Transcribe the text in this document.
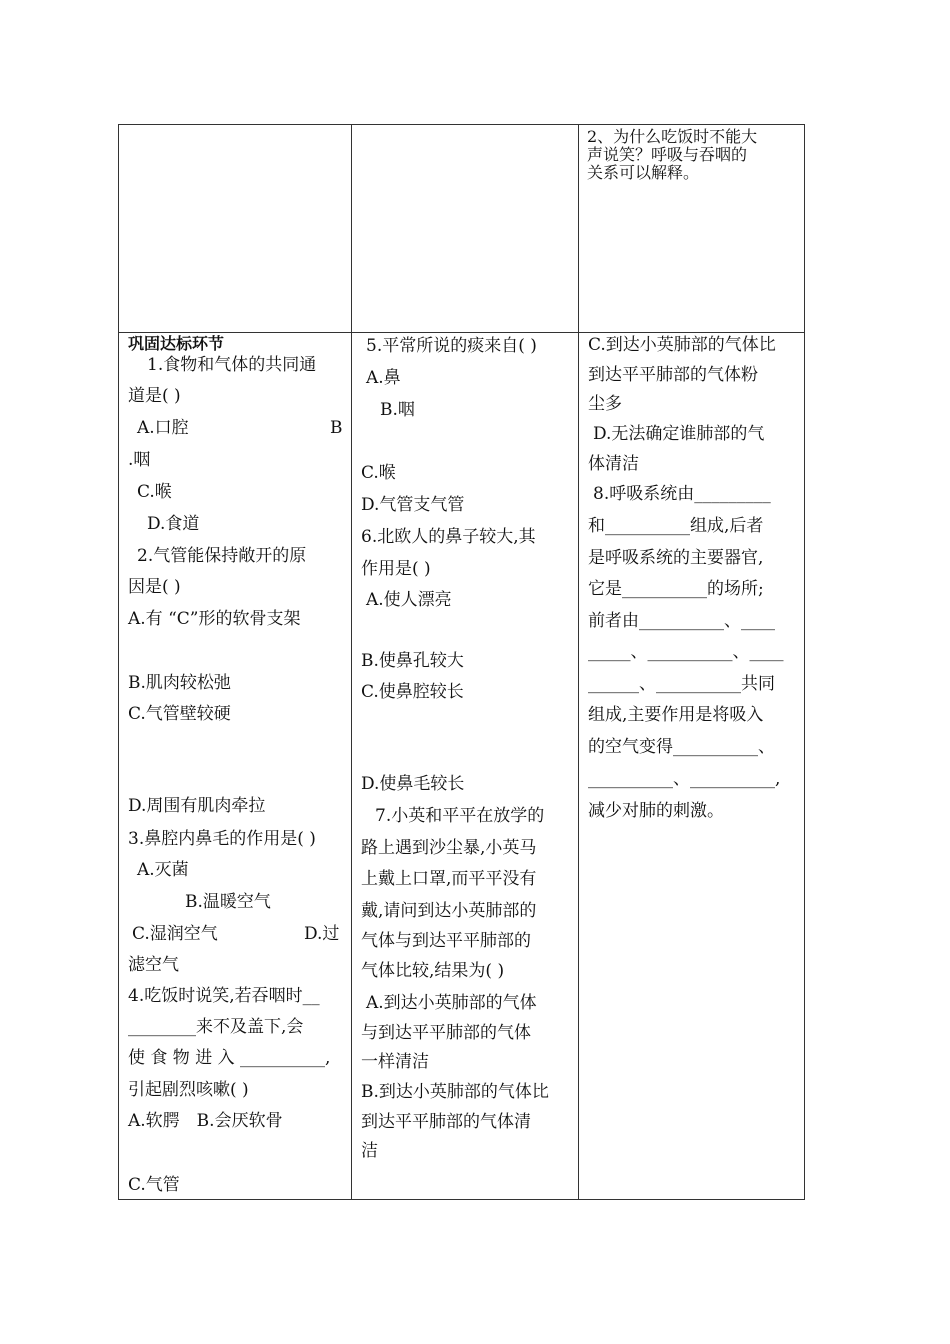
2、为什么吃饭时不能大
声说笑？呼吸与吞咽的
关系可以解释。
巩固达标环节
1.食物和气体的共同通
道是( )
A.口腔	B
.咽
C.喉
D.食道
2.气管能保持敞开的原
因是( )
A.有 “C”形的软骨支架
B.肌肉较松弛
C.气管壁较硬
D.周围有肌肉牵拉
3.鼻腔内鼻毛的作用是( )
A.灭菌
B.温暖空气
C.湿润空气	D.过
滤空气
4.吃饭时说笑,若吞咽时__
________来不及盖下,会
使 食 物 进 入 __________,
引起剧烈咳嗽( )
A.软腭　B.会厌软骨
C.气管
5.平常所说的痰来自( )
A.鼻
B.咽
C.喉
D.气管支气管
6.北欧人的鼻子较大,其
作用是( )
A.使人漂亮
B.使鼻孔较大
C.使鼻腔较长
D.使鼻毛较长
7.小英和平平在放学的
路上遇到沙尘暴,小英马
上戴上口罩,而平平没有
戴,请问到达小英肺部的
气体与到达平平肺部的
气体比较,结果为( )
A.到达小英肺部的气体
与到达平平肺部的气体
一样清洁
B.到达小英肺部的气体比
到达平平肺部的气体清
洁
C.到达小英肺部的气体比
到达平平肺部的气体粉
尘多
D.无法确定谁肺部的气
体清洁
8.呼吸系统由_________
和__________组成,后者
是呼吸系统的主要器官,
它是__________的场所;
前者由__________、____
_____、__________、____
______、__________共同
组成,主要作用是将吸入
的空气变得__________、
__________、__________,
减少对肺的刺激。
